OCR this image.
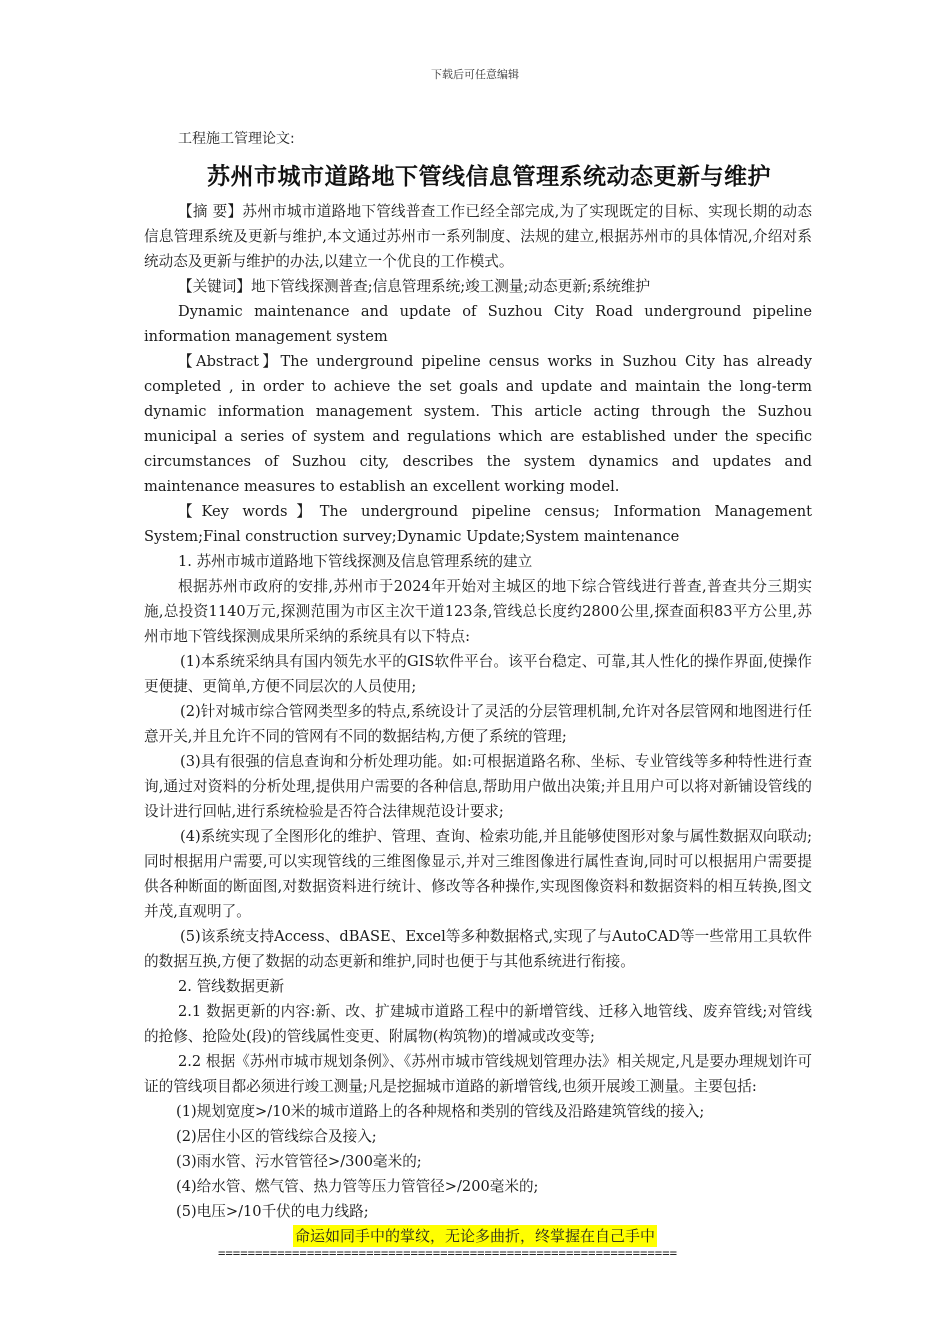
下载后可任意编辑
工程施工管理论文:
苏州市城市道路地下管线信息管理系统动态更新与维护

【摘 要】苏州市城市道路地下管线普查工作已经全部完成,为了实现既定的目标、实现长期的动态信息管理系统及更新与维护,本文通过苏州市一系列制度、法规的建立,根据苏州市的具体情况,介绍对系统动态及更新与维护的办法,以建立一个优良的工作模式。

【关键词】地下管线探测普查;信息管理系统;竣工测量;动态更新;系统维护

Dynamic maintenance and update of Suzhou City Road underground pipeline information management system

【Abstract】The underground pipeline census works in Suzhou City has already completed , in order to achieve the set goals and update and maintain the long-term dynamic information management system. This article acting through the Suzhou municipal a series of system and regulations which are established under the specific circumstances of Suzhou city, describes the system dynamics and updates and maintenance measures to establish an excellent working model.

【Key words】The underground pipeline census; Information Management System;Final construction survey;Dynamic Update;System maintenance

1. 苏州市城市道路地下管线探测及信息管理系统的建立

根据苏州市政府的安排,苏州市于2024年开始对主城区的地下综合管线进行普查,普查共分三期实施,总投资1140万元,探测范围为市区主次干道123条,管线总长度约2800公里,探查面积83平方公里,苏州市地下管线探测成果所采纳的系统具有以下特点:

(1)本系统采纳具有国内领先水平的GIS软件平台。该平台稳定、可靠,其人性化的操作界面,使操作更便捷、更简单,方便不同层次的人员使用;

(2)针对城市综合管网类型多的特点,系统设计了灵活的分层管理机制,允许对各层管网和地图进行任意开关,并且允许不同的管网有不同的数据结构,方便了系统的管理;

(3)具有很强的信息查询和分析处理功能。如:可根据道路名称、坐标、专业管线等多种特性进行查询,通过对资料的分析处理,提供用户需要的各种信息,帮助用户做出决策;并且用户可以将对新铺设管线的设计进行回帖,进行系统检验是否符合法律规范设计要求;

(4)系统实现了全图形化的维护、管理、查询、检索功能,并且能够使图形对象与属性数据双向联动;同时根据用户需要,可以实现管线的三维图像显示,并对三维图像进行属性查询,同时可以根据用户需要提供各种断面的断面图,对数据资料进行统计、修改等各种操作,实现图像资料和数据资料的相互转换,图文并茂,直观明了。

(5)该系统支持Access、dBASE、Excel等多种数据格式,实现了与AutoCAD等一些常用工具软件的数据互换,方便了数据的动态更新和维护,同时也便于与其他系统进行衔接。

2. 管线数据更新

2.1 数据更新的内容:新、改、扩建城市道路工程中的新增管线、迁移入地管线、废弃管线;对管线的抢修、抢险处(段)的管线属性变更、附属物(构筑物)的增减或改变等;

2.2 根据《苏州市城市规划条例》、《苏州市城市管线规划管理办法》相关规定,凡是要办理规划许可证的管线项目都必须进行竣工测量;凡是挖掘城市道路的新增管线,也须开展竣工测量。主要包括:

(1)规划宽度>/10米的城市道路上的各种规格和类别的管线及沿路建筑管线的接入;

(2)居住小区的管线综合及接入;

(3)雨水管、污水管管径>/300毫米的;

(4)给水管、燃气管、热力管等压力管管径>/200毫米的;

(5)电压>/10千伏的电力线路;

命运如同手中的掌纹，无论多曲折，终掌握在自己手中
==============================================================
